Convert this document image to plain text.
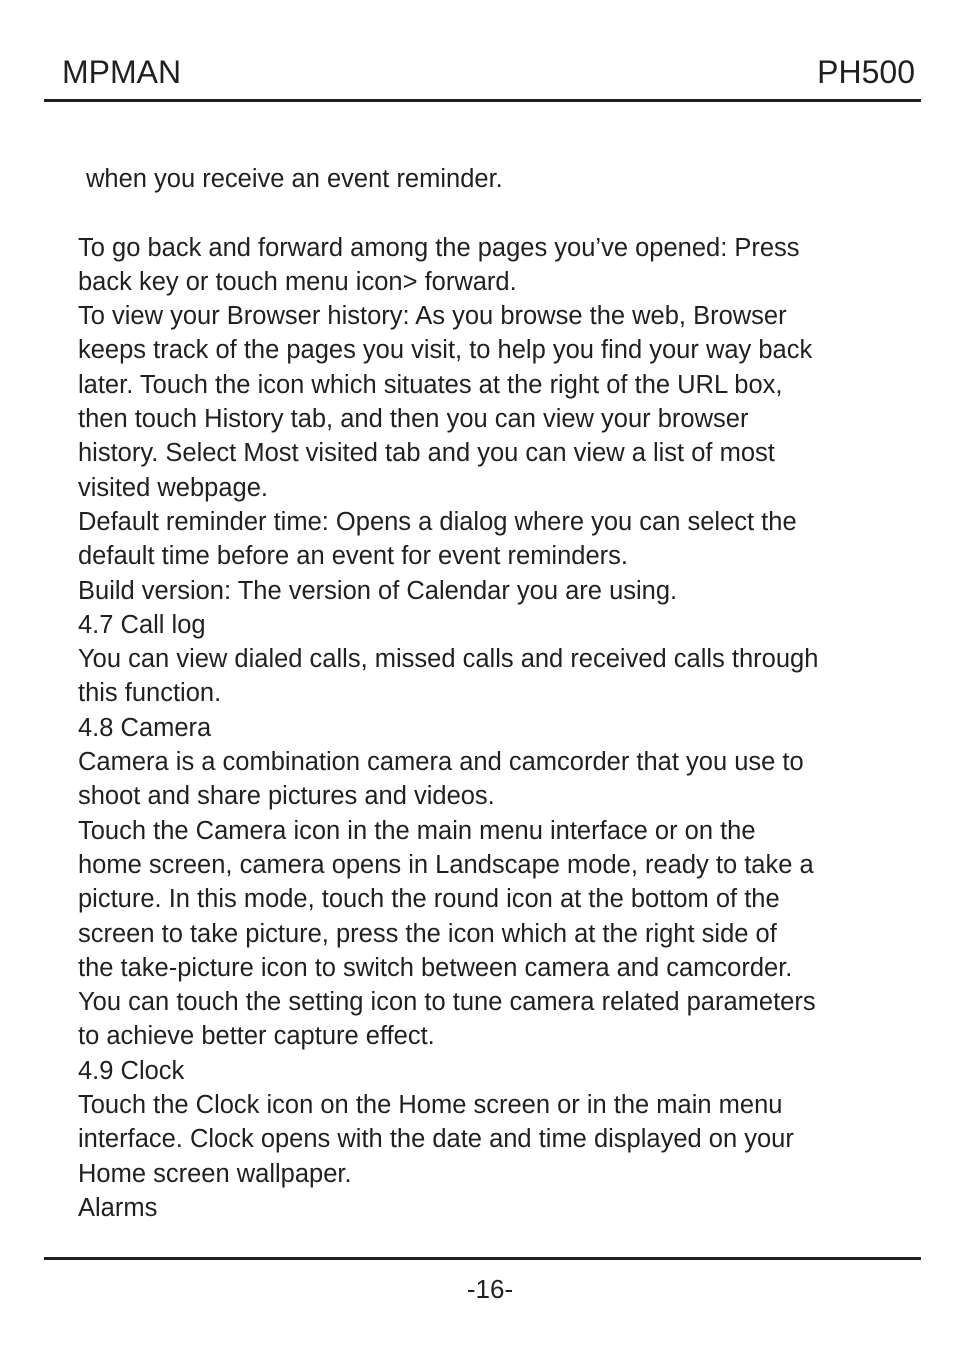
MPMAN	PH500
when you receive an event reminder.
To go back and forward among the pages you’ve opened: Press
back key or touch menu icon> forward.
To view your Browser history: As you browse the web, Browser
keeps track of the pages you visit, to help you find your way back
later. Touch the icon which situates at the right of the URL box,
then touch History tab, and then you can view your browser
history. Select Most visited tab and you can view a list of most
visited webpage.
Default reminder time: Opens a dialog where you can select the
default time before an event for event reminders.
Build version: The version of Calendar you are using.
4.7 Call log
You can view dialed calls, missed calls and received calls through
this function.
4.8 Camera
Camera is a combination camera and camcorder that you use to
shoot and share pictures and videos.
Touch the Camera icon in the main menu interface or on the
home screen, camera opens in Landscape mode, ready to take a
picture. In this mode, touch the round icon at the bottom of the
screen to take picture, press the icon which at the right side of
the take-picture icon to switch between camera and camcorder.
You can touch the setting icon to tune camera related parameters
to achieve better capture effect.
4.9 Clock
Touch the Clock icon on the Home screen or in the main menu
interface. Clock opens with the date and time displayed on your
Home screen wallpaper.
Alarms
-16-
